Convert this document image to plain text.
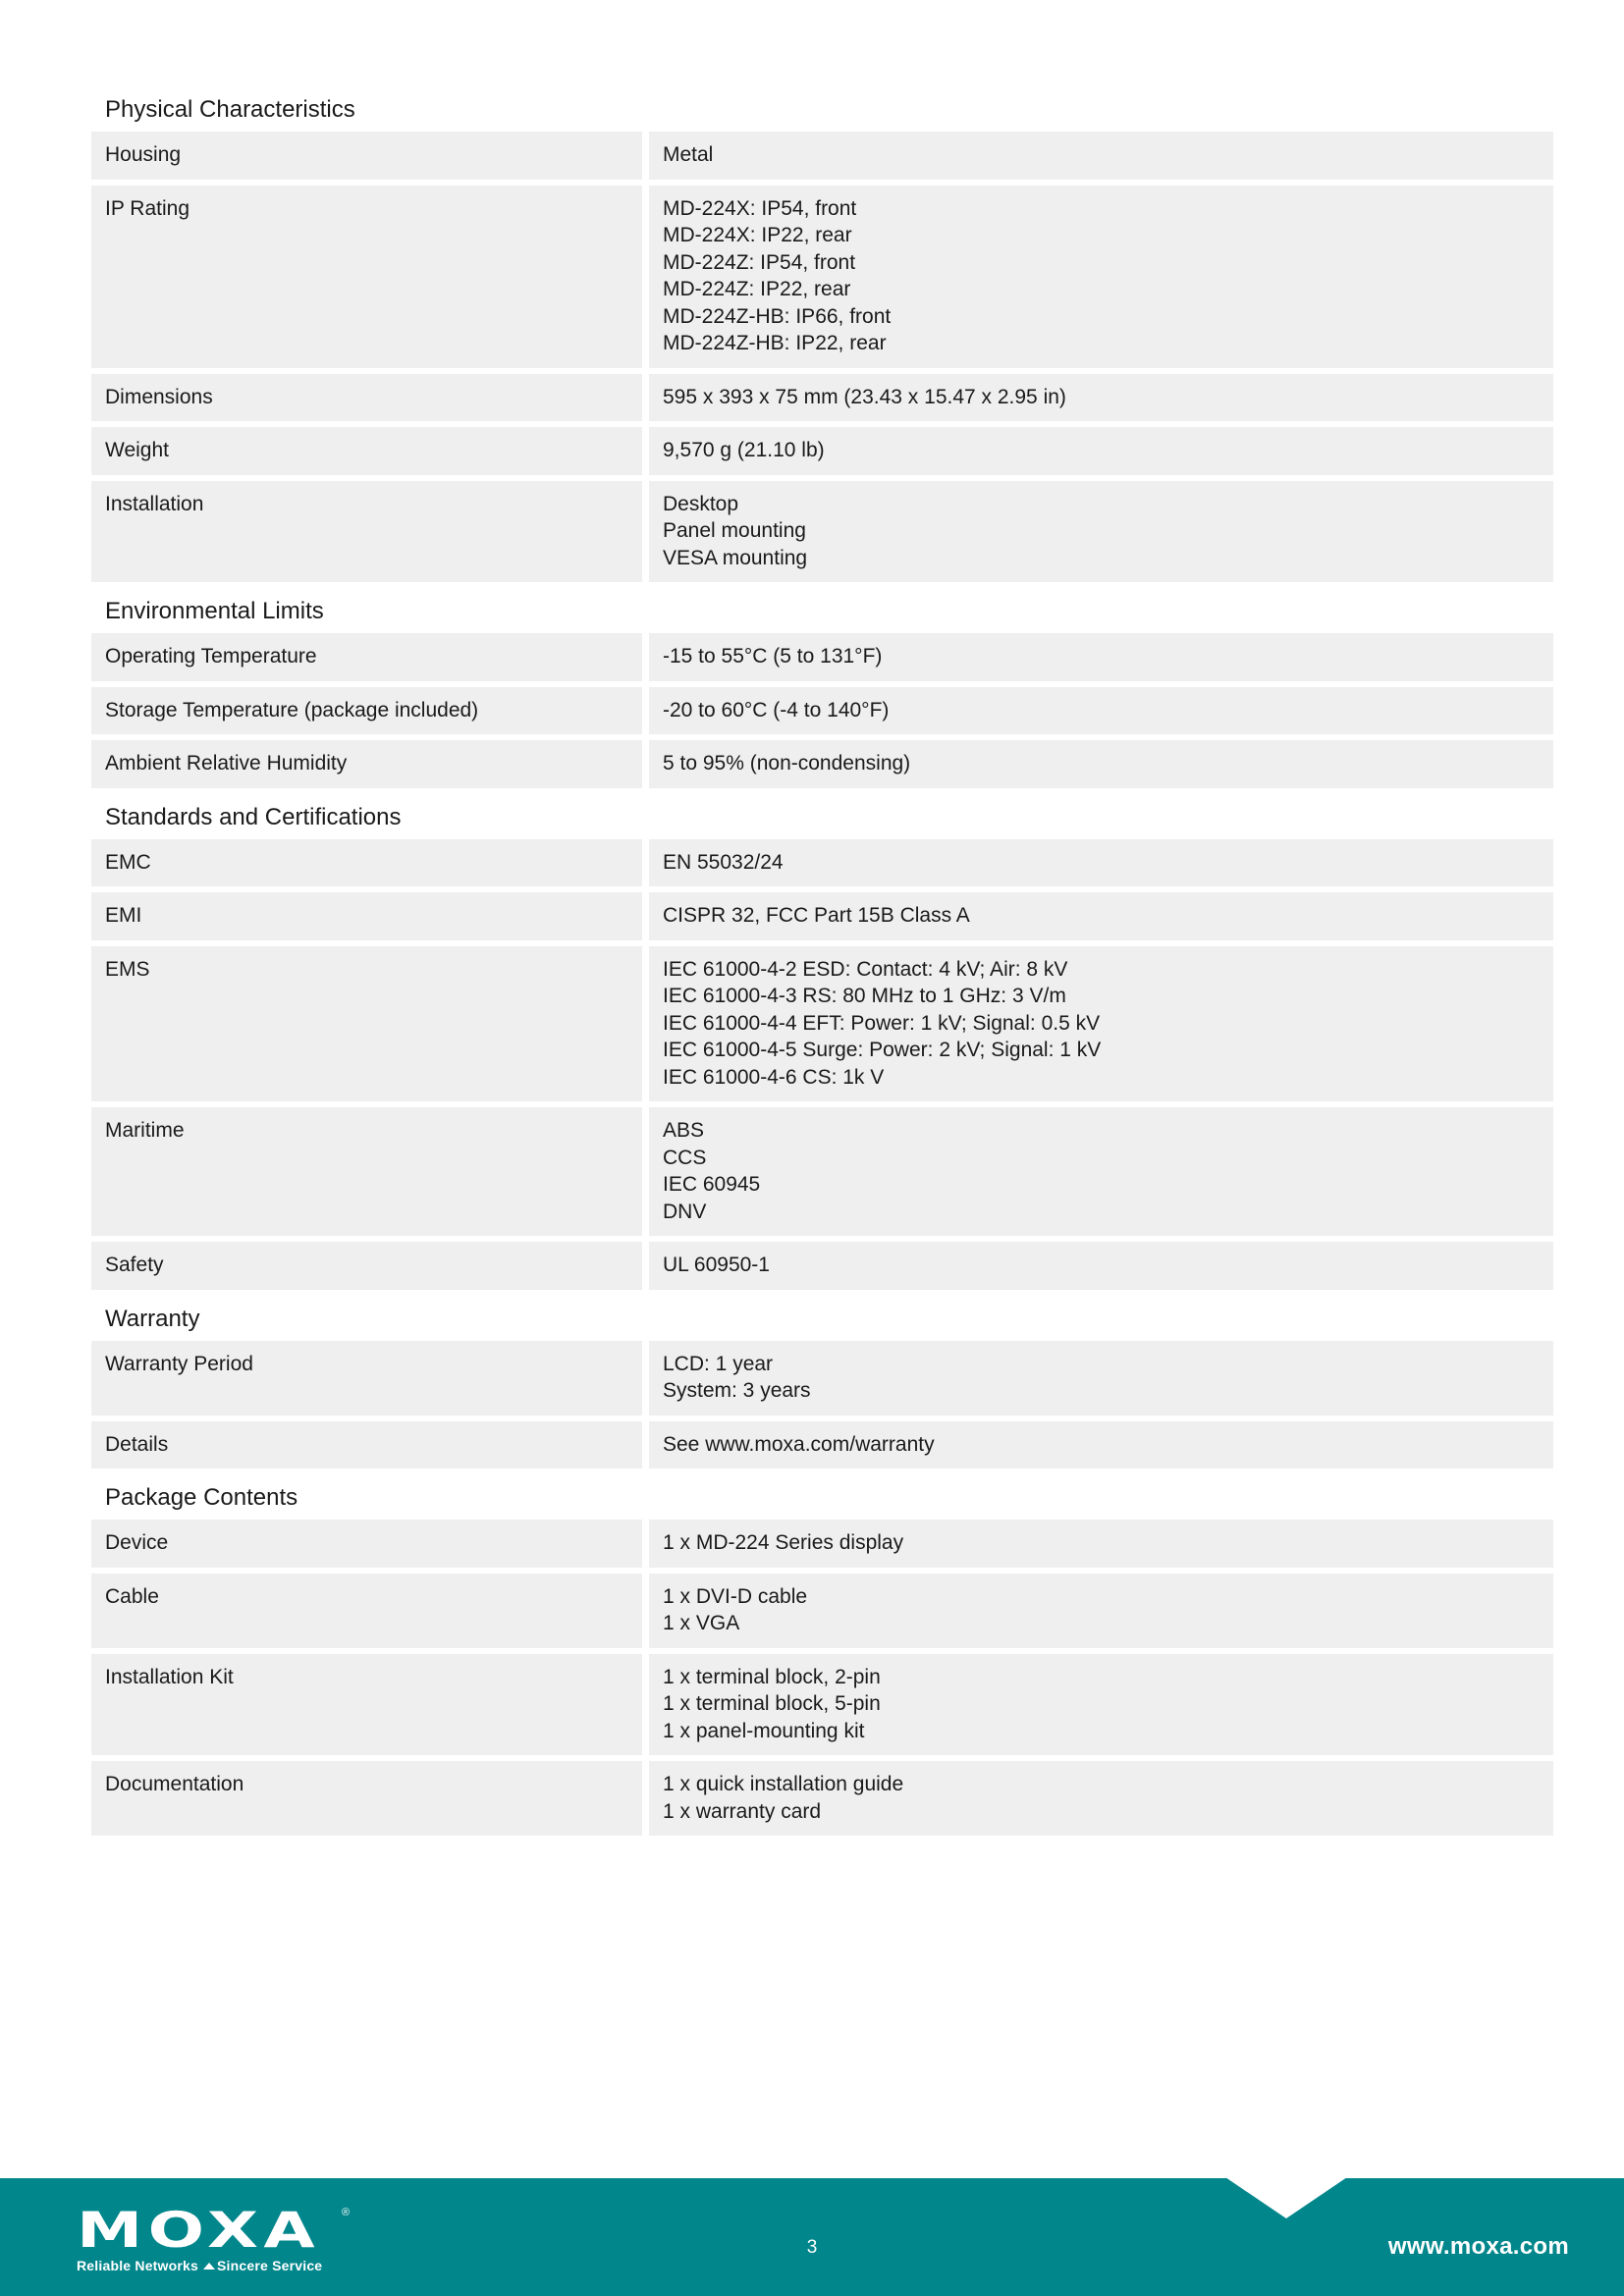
Physical Characteristics
Housing	Metal
IP Rating	MD-224X: IP54, front
MD-224X: IP22, rear
MD-224Z: IP54, front
MD-224Z: IP22, rear
MD-224Z-HB: IP66, front
MD-224Z-HB: IP22, rear
Dimensions	595 x 393 x 75 mm (23.43 x 15.47 x 2.95 in)
Weight	9,570 g (21.10 lb)
Installation	Desktop
Panel mounting
VESA mounting
Environmental Limits
Operating Temperature	-15 to 55°C (5 to 131°F)
Storage Temperature (package included)	-20 to 60°C (-4 to 140°F)
Ambient Relative Humidity	5 to 95% (non-condensing)
Standards and Certifications
EMC	EN 55032/24
EMI	CISPR 32, FCC Part 15B Class A
EMS	IEC 61000-4-2 ESD: Contact: 4 kV; Air: 8 kV
IEC 61000-4-3 RS: 80 MHz to 1 GHz: 3 V/m
IEC 61000-4-4 EFT: Power: 1 kV; Signal: 0.5 kV
IEC 61000-4-5 Surge: Power: 2 kV; Signal: 1 kV
IEC 61000-4-6 CS: 1k V
Maritime	ABS
CCS
IEC 60945
DNV
Safety	UL 60950-1
Warranty
Warranty Period	LCD: 1 year
System: 3 years
Details	See www.moxa.com/warranty
Package Contents
Device	1 x MD-224 Series display
Cable	1 x DVI-D cable
1 x VGA
Installation Kit	1 x terminal block, 2-pin
1 x terminal block, 5-pin
1 x panel-mounting kit
Documentation	1 x quick installation guide
1 x warranty card
MOXA ®
Reliable Networks Sincere Service
3	www.moxa.com
